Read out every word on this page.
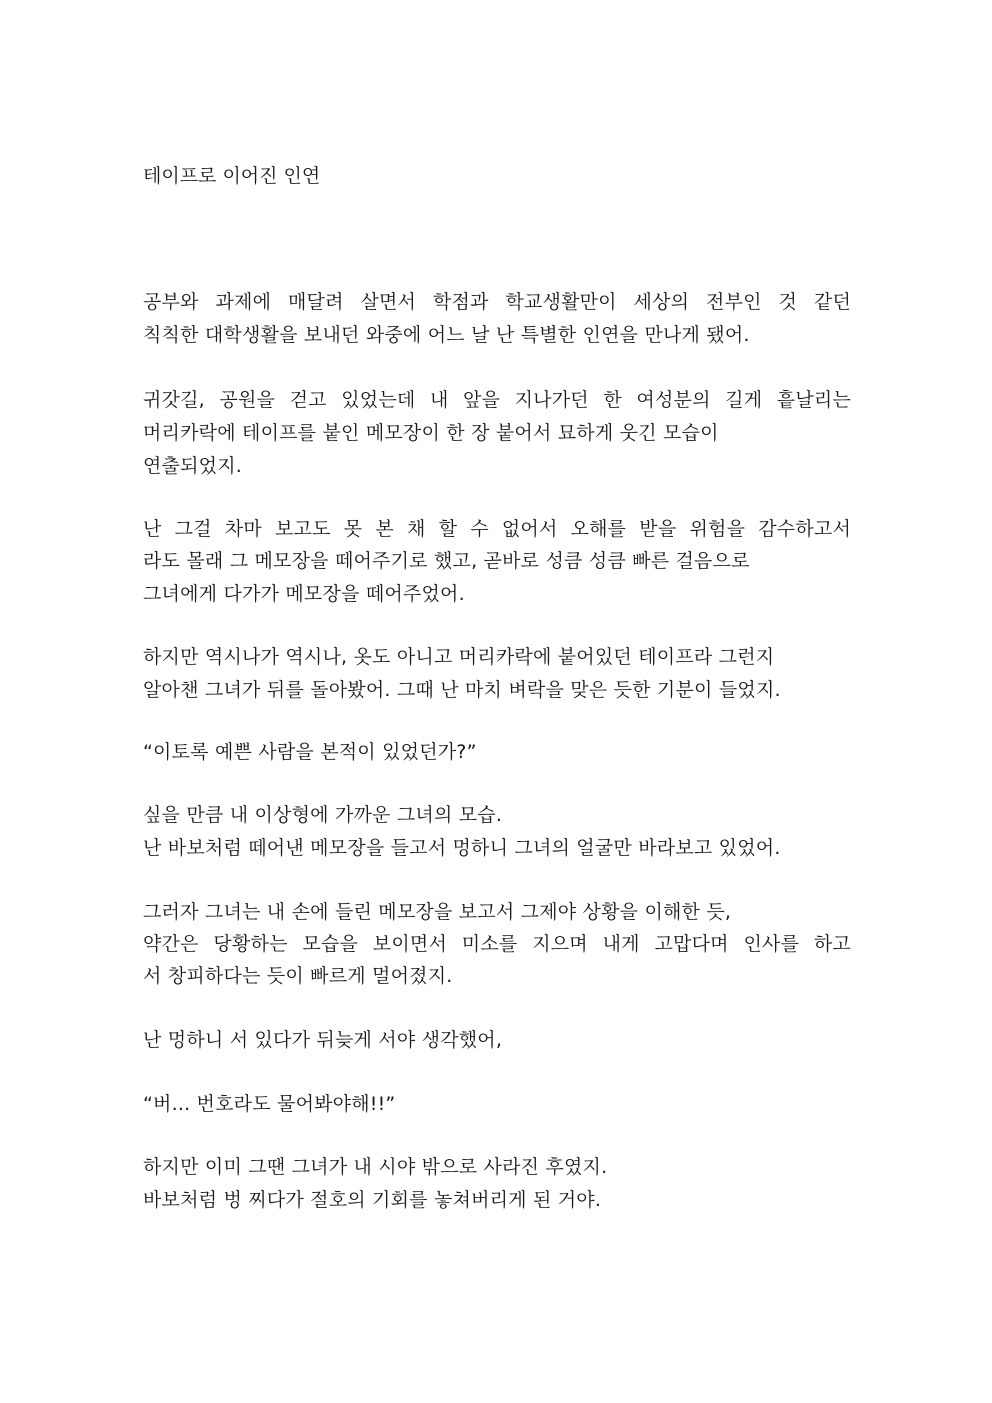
테이프로 이어진 인연
공부와 과제에 매달려 살면서 학점과 학교생활만이 세상의 전부인 것 같던
칙칙한 대학생활을 보내던 와중에 어느 날 난 특별한 인연을 만나게 됐어.
귀갓길, 공원을 걷고 있었는데 내 앞을 지나가던 한 여성분의 길게 흩날리는
머리카락에 테이프를 붙인 메모장이 한 장 붙어서 묘하게 웃긴 모습이
연출되었지.
난 그걸 차마 보고도 못 본 채 할 수 없어서 오해를 받을 위험을 감수하고서
라도 몰래 그 메모장을 떼어주기로 했고, 곧바로 성큼 성큼 빠른 걸음으로
그녀에게 다가가 메모장을 떼어주었어.
하지만 역시나가 역시나, 옷도 아니고 머리카락에 붙어있던 테이프라 그런지
알아챈 그녀가 뒤를 돌아봤어. 그때 난 마치 벼락을 맞은 듯한 기분이 들었지.
“이토록 예쁜 사람을 본적이 있었던가?”
싶을 만큼 내 이상형에 가까운 그녀의 모습.
난 바보처럼 떼어낸 메모장을 들고서 멍하니 그녀의 얼굴만 바라보고 있었어.
그러자 그녀는 내 손에 들린 메모장을 보고서 그제야 상황을 이해한 듯,
약간은 당황하는 모습을 보이면서 미소를 지으며 내게 고맙다며 인사를 하고
서 창피하다는 듯이 빠르게 멀어졌지.
난 멍하니 서 있다가 뒤늦게 서야 생각했어,
“버... 번호라도 물어봐야해!!”
하지만 이미 그땐 그녀가 내 시야 밖으로 사라진 후였지.
바보처럼 벙 찌다가 절호의 기회를 놓쳐버리게 된 거야.
